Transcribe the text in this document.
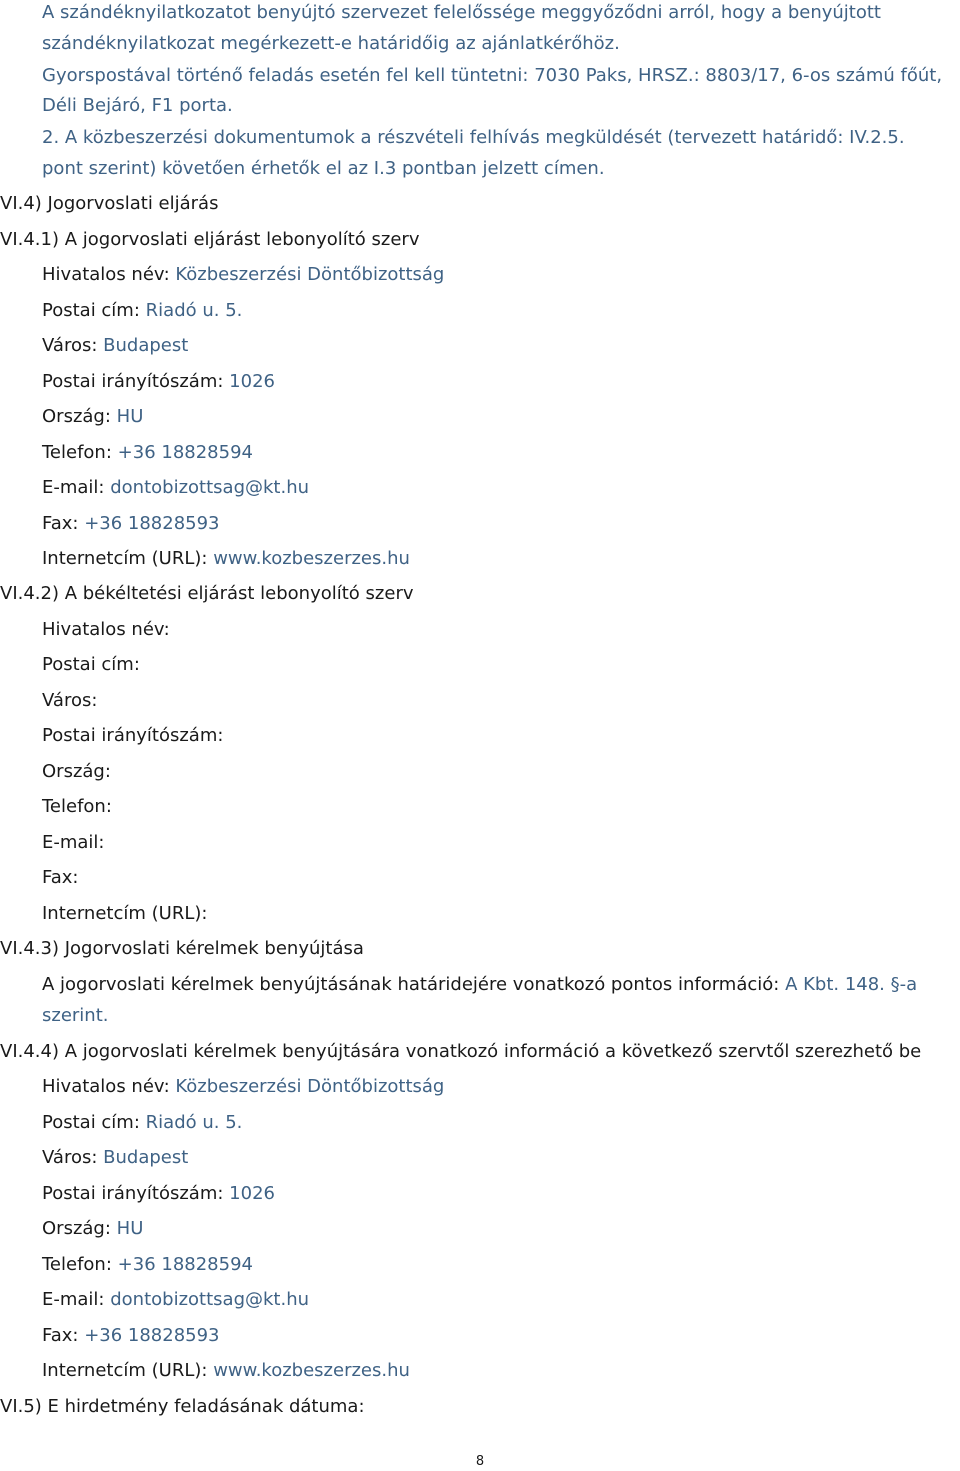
A szándéknyilatkozatot benyújtó szervezet felelőssége meggyőződni arról, hogy a benyújtott
szándéknyilatkozat megérkezett-e határidőig az ajánlatkérőhöz.
Gyorspostával történő feladás esetén fel kell tüntetni: 7030 Paks, HRSZ.: 8803/17, 6-os számú főút,
Déli Bejáró, F1 porta.
2. A közbeszerzési dokumentumok a részvételi felhívás megküldését (tervezett határidő: IV.2.5.
pont szerint) követően érhetők el az I.3 pontban jelzett címen.
VI.4) Jogorvoslati eljárás
VI.4.1) A jogorvoslati eljárást lebonyolító szerv
Hivatalos név: Közbeszerzési Döntőbizottság
Postai cím: Riadó u. 5.
Város: Budapest
Postai irányítószám: 1026
Ország: HU
Telefon: +36 18828594
E-mail: dontobizottsag@kt.hu
Fax: +36 18828593
Internetcím (URL): www.kozbeszerzes.hu
VI.4.2) A békéltetési eljárást lebonyolító szerv
Hivatalos név:
Postai cím:
Város:
Postai irányítószám:
Ország:
Telefon:
E-mail:
Fax:
Internetcím (URL):
VI.4.3) Jogorvoslati kérelmek benyújtása
A jogorvoslati kérelmek benyújtásának határidejére vonatkozó pontos információ: A Kbt. 148. §-a
szerint.
VI.4.4) A jogorvoslati kérelmek benyújtására vonatkozó információ a következő szervtől szerezhető be
Hivatalos név: Közbeszerzési Döntőbizottság
Postai cím: Riadó u. 5.
Város: Budapest
Postai irányítószám: 1026
Ország: HU
Telefon: +36 18828594
E-mail: dontobizottsag@kt.hu
Fax: +36 18828593
Internetcím (URL): www.kozbeszerzes.hu
VI.5) E hirdetmény feladásának dátuma:
8
